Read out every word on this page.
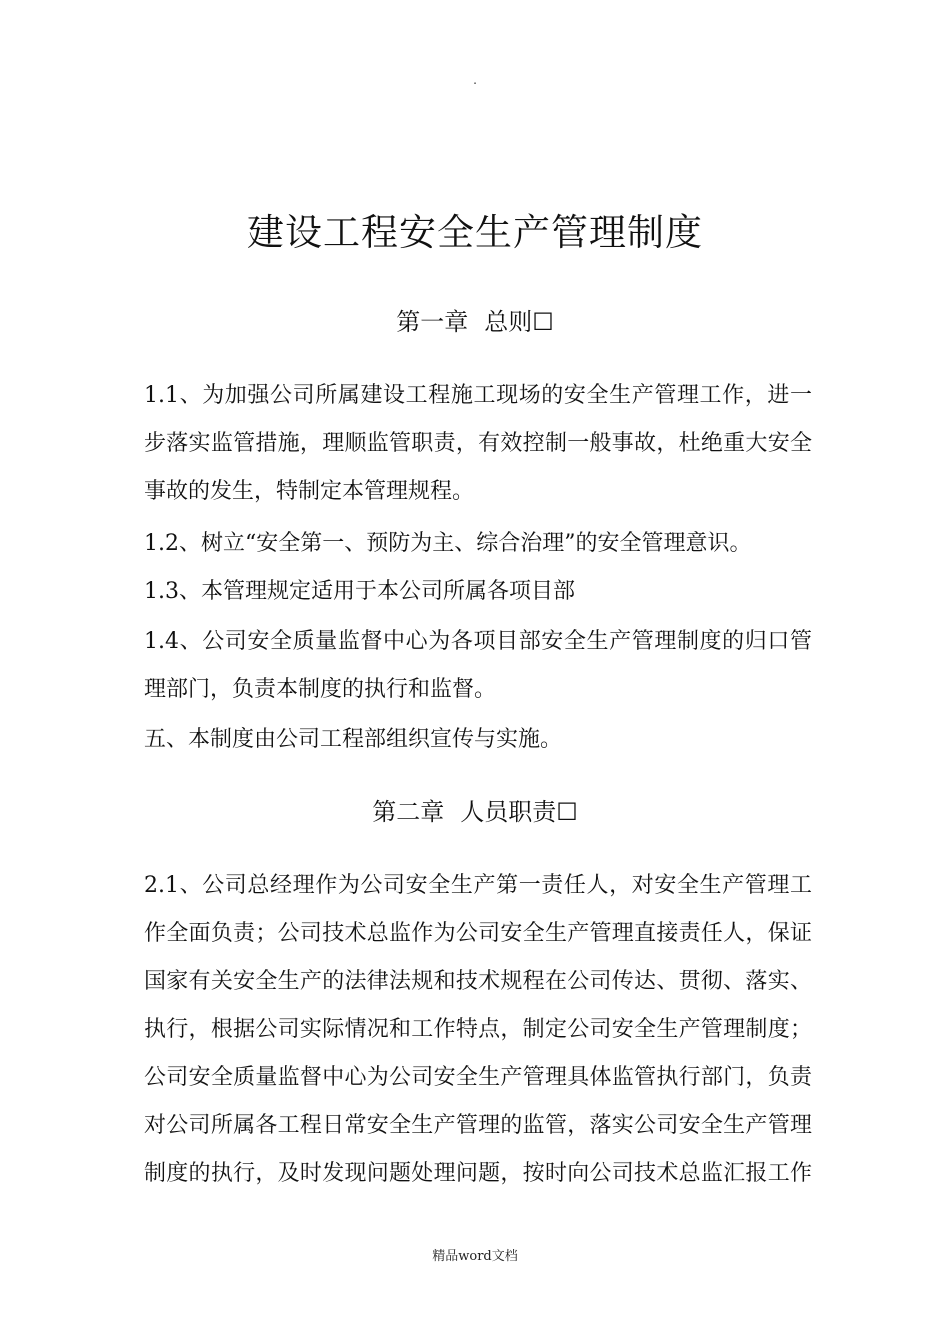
.
建设工程安全生产管理制度
第一章 总则☐
1.1、为加强公司所属建设工程施工现场的安全生产管理工作，进一
步落实监管措施，理顺监管职责，有效控制一般事故，杜绝重大安全
事故的发生，特制定本管理规程。
1.2、树立“安全第一、预防为主、综合治理”的安全管理意识。
1.3、本管理规定适用于本公司所属各项目部
1.4、公司安全质量监督中心为各项目部安全生产管理制度的归口管
理部门，负责本制度的执行和监督。
五、本制度由公司工程部组织宣传与实施。
第二章 人员职责☐
2.1、公司总经理作为公司安全生产第一责任人，对安全生产管理工
作全面负责；公司技术总监作为公司安全生产管理直接责任人，保证
国家有关安全生产的法律法规和技术规程在公司传达、贯彻、落实、
执行，根据公司实际情况和工作特点，制定公司安全生产管理制度；
公司安全质量监督中心为公司安全生产管理具体监管执行部门，负责
对公司所属各工程日常安全生产管理的监管，落实公司安全生产管理
制度的执行，及时发现问题处理问题，按时向公司技术总监汇报工作
精品word文档
